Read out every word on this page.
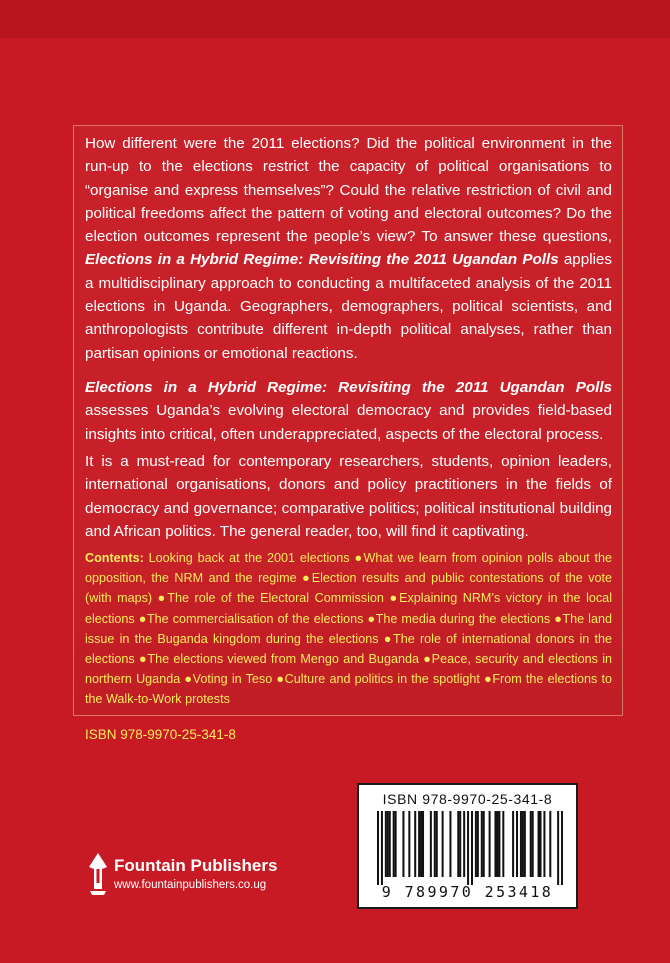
How different were the 2011 elections? Did the political environment in the run-up to the elections restrict the capacity of political organisations to “organise and express themselves”? Could the relative restriction of civil and political freedoms affect the pattern of voting and electoral outcomes? Do the election outcomes represent the people’s view? To answer these questions, Elections in a Hybrid Regime: Revisiting the 2011 Ugandan Polls applies a multidisciplinary approach to conducting a multifaceted analysis of the 2011 elections in Uganda. Geographers, demographers, political scientists, and anthropologists contribute different in-depth political analyses, rather than partisan opinions or emotional reactions.

Elections in a Hybrid Regime: Revisiting the 2011 Ugandan Polls assesses Uganda’s evolving electoral democracy and provides field-based insights into critical, often underappreciated, aspects of the electoral process.

It is a must-read for contemporary researchers, students, opinion leaders, international organisations, donors and policy practitioners in the fields of democracy and governance; comparative politics; political institutional building and African politics. The general reader, too, will find it captivating.

Contents: Looking back at the 2001 elections ●What we learn from opinion polls about the opposition, the NRM and the regime ●Election results and public contestations of the vote (with maps) ●The role of the Electoral Commission ●Explaining NRM’s victory in the local elections ●The commercialisation of the elections ●The media during the elections ●The land issue in the Buganda kingdom during the elections ●The role of international donors in the elections ●The elections viewed from Mengo and Buganda ●Peace, security and elections in northern Uganda ●Voting in Teso ●Culture and politics in the spotlight ●From the elections to the Walk-to-Work protests

ISBN 978-9970-25-341-8
ISBN 978-9970-25-341-8
9 789970 253418
Fountain Publishers
www.fountainpublishers.co.ug
